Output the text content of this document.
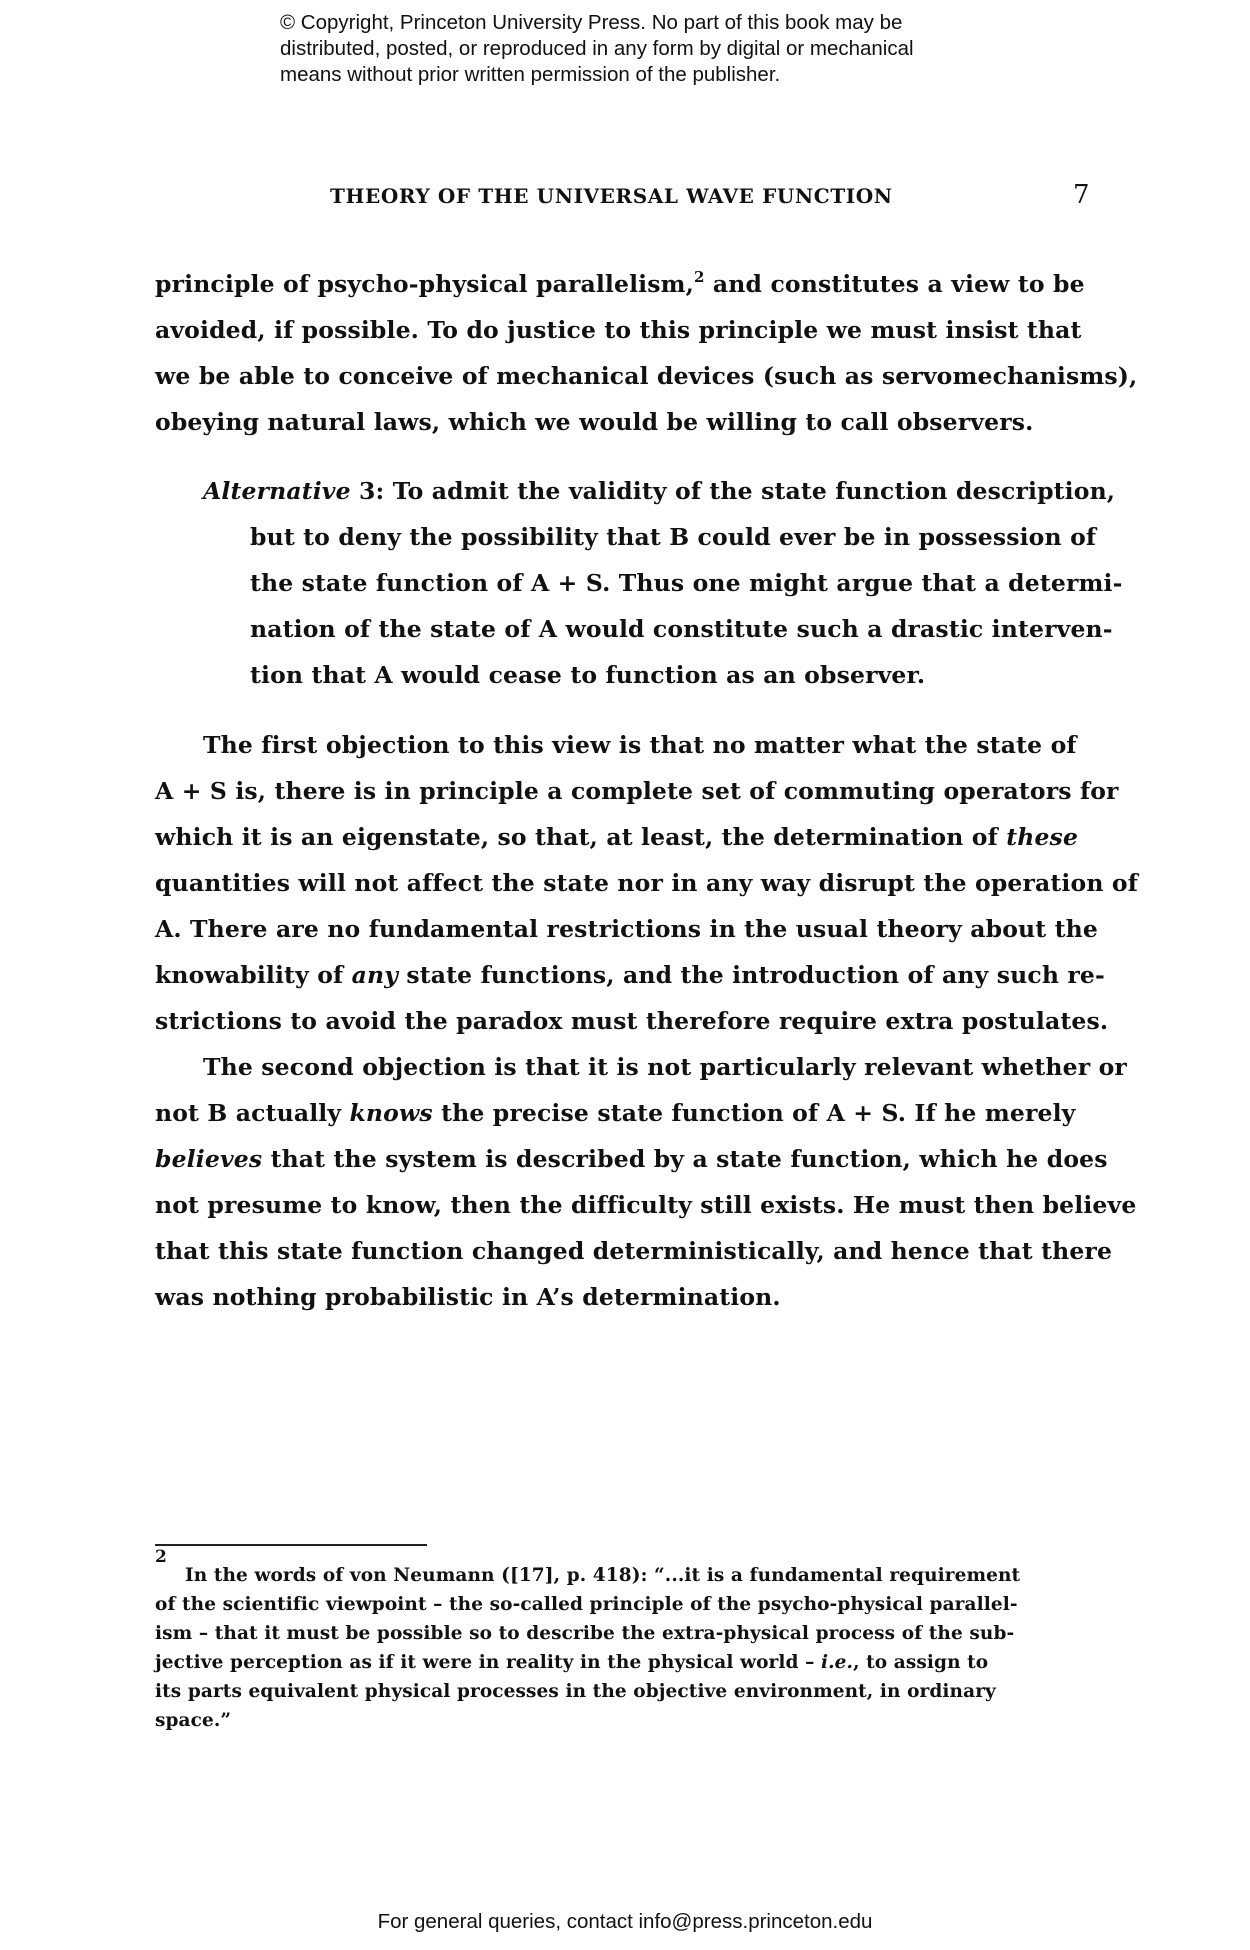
© Copyright, Princeton University Press. No part of this book may be
distributed, posted, or reproduced in any form by digital or mechanical
means without prior written permission of the publisher.
THEORY OF THE UNIVERSAL WAVE FUNCTION	7
principle of psycho-physical parallelism,$^2$ and constitutes a view to be
avoided, if possible. To do justice to this principle we must insist that
we be able to conceive of mechanical devices (such as servomechanisms),
obeying natural laws, which we would be willing to call observers.
Alternative 3: To admit the validity of the state function description,
but to deny the possibility that B could ever be in possession of
the state function of A + S. Thus one might argue that a determi-
nation of the state of A would constitute such a drastic interven-
tion that A would cease to function as an observer.
The first objection to this view is that no matter what the state of
A + S is, there is in principle a complete set of commuting operators for
which it is an eigenstate, so that, at least, the determination of these
quantities will not affect the state nor in any way disrupt the operation of
A. There are no fundamental restrictions in the usual theory about the
knowability of any state functions, and the introduction of any such re-
strictions to avoid the paradox must therefore require extra postulates.
The second objection is that it is not particularly relevant whether or
not B actually knows the precise state function of A + S. If he merely
believes that the system is described by a state function, which he does
not presume to know, then the difficulty still exists. He must then believe
that this state function changed deterministically, and hence that there
was nothing probabilistic in A’s determination.
2
In the words of von Neumann ([17], p. 418): “...it is a fundamental requirement
of the scientific viewpoint – the so-called principle of the psycho-physical parallel-
ism – that it must be possible so to describe the extra-physical process of the sub-
jective perception as if it were in reality in the physical world – i.e., to assign to
its parts equivalent physical processes in the objective environment, in ordinary
space.”
For general queries, contact info@press.princeton.edu
